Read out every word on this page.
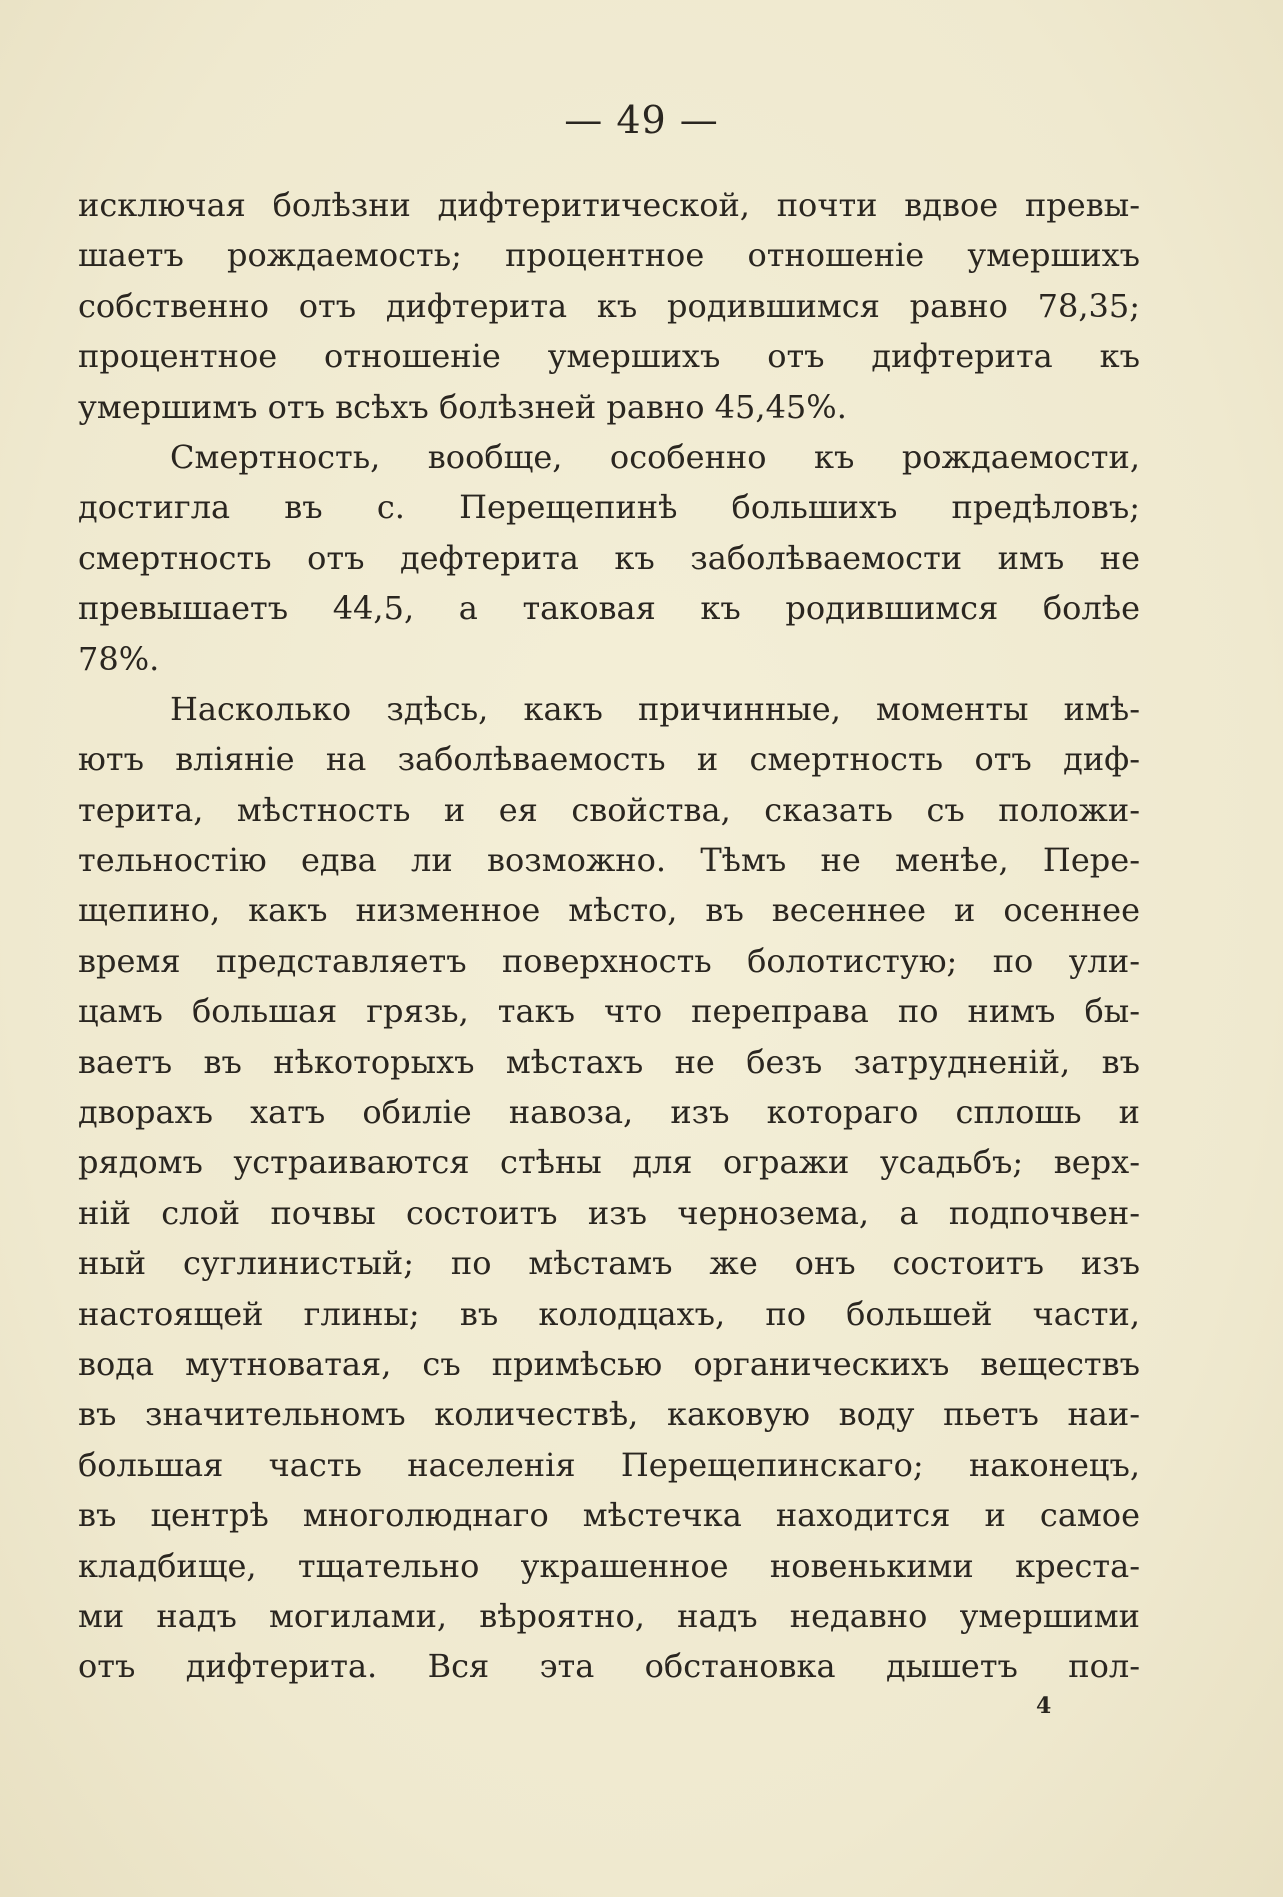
— 49 —
исключая болѣзни дифтеритической, почти вдвое превы-
шаетъ рождаемость; процентное отношеніе умершихъ
собственно отъ дифтерита къ родившимся равно 78,35;
процентное отношеніе умершихъ отъ дифтерита къ
умершимъ отъ всѣхъ болѣзней равно 45,45%.
Смертность, вообще, особенно къ рождаемости,
достигла въ с. Перещепинѣ большихъ предѣловъ;
смертность отъ дефтерита къ заболѣваемости имъ не
превышаетъ 44,5, а таковая къ родившимся болѣе
78%.
Насколько здѣсь, какъ причинные, моменты имѣ-
ютъ вліяніе на заболѣваемость и смертность отъ диф-
терита, мѣстность и ея свойства, сказать съ положи-
тельностію едва ли возможно. Тѣмъ не менѣе, Пере-
щепино, какъ низменное мѣсто, въ весеннее и осеннее
время представляетъ поверхность болотистую; по ули-
цамъ большая грязь, такъ что переправа по нимъ бы-
ваетъ въ нѣкоторыхъ мѣстахъ не безъ затрудненій, въ
дворахъ хатъ обиліе навоза, изъ котораго сплошь и
рядомъ устраиваются стѣны для огражи усадьбъ; верх-
ній слой почвы состоитъ изъ чернозема, а подпочвен-
ный суглинистый; по мѣстамъ же онъ состоитъ изъ
настоящей глины; въ колодцахъ, по большей части,
вода мутноватая, съ примѣсью органическихъ веществъ
въ значительномъ количествѣ, каковую воду пьетъ наи-
большая часть населенія Перещепинскаго; наконецъ,
въ центрѣ многолюднаго мѣстечка находится и самое
кладбище, тщательно украшенное новенькими креста-
ми надъ могилами, вѣроятно, надъ недавно умершими
отъ дифтерита. Вся эта обстановка дышетъ пол-
4
